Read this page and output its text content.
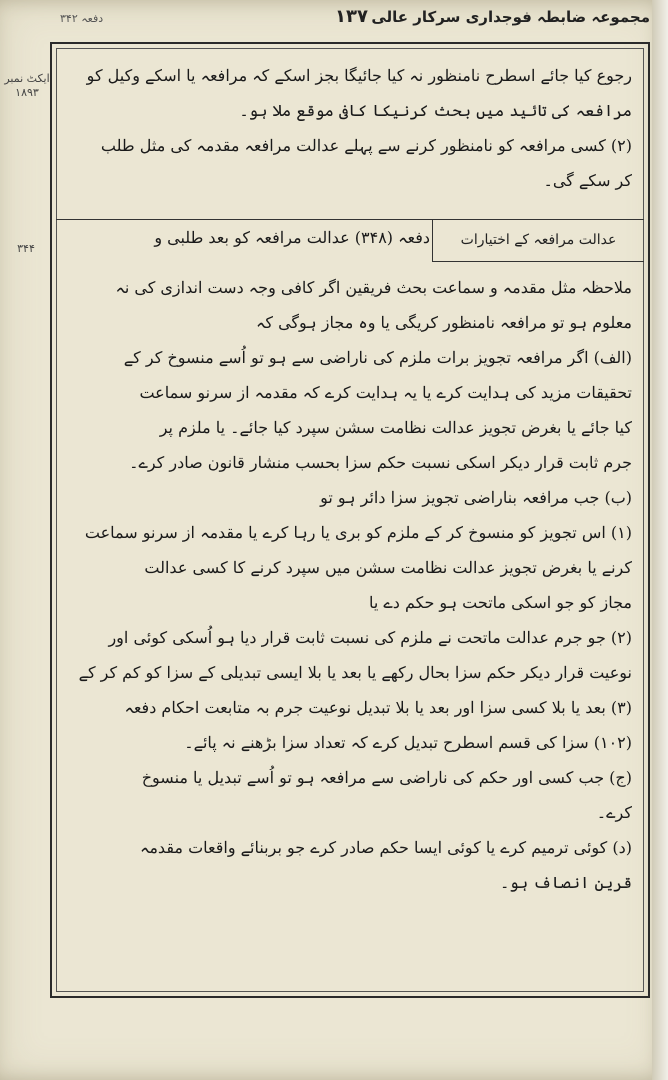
مجموعہ ضابطہ فوجداری سرکار عالی
۱۳۷
دفعہ ۳۴۲
ایکٹ نمبر ۱۸۹۳
۳۴۴
رجوع کیا جائے اسطرح نامنظور نہ کیا جائیگا بجز اسکے کہ مرافعہ یا اسکے وکیل کو
مرافعہ کی تائید میں بحث کرنیکا کافی موقع ملا ہو۔
(۲) کسی مرافعہ کو نامنظور کرنے سے پہلے عدالت مرافعہ مقدمہ کی مثل طلب
کر سکے گی۔
عدالت مرافعہ کے اختیارات
دفعہ (۳۴۸) عدالت مرافعہ کو بعد طلبی و
ملاحظہ مثل مقدمہ و سماعت بحث فریقین اگر کافی وجہ دست اندازی کی نہ
معلوم ہو تو مرافعہ نامنظور کریگی یا وہ مجاز ہوگی کہ
(الف) اگر مرافعہ تجویز برات ملزم کی ناراضی سے ہو تو اُسے منسوخ کر کے
تحقیقات مزید کی ہدایت کرے یا یہ ہدایت کرے کہ مقدمہ از سرنو سماعت
کیا جائے یا بغرض تجویز عدالت نظامت سشن سپرد کیا جائے۔ یا ملزم پر
جرم ثابت قرار دیکر اسکی نسبت حکم سزا بحسب منشار قانون صادر کرے۔
(ب) جب مرافعہ بناراضی تجویز سزا دائر ہو تو
(۱) اس تجویز کو منسوخ کر کے ملزم کو بری یا رہا کرے یا مقدمہ از سرنو سماعت
کرنے یا بغرض تجویز عدالت نظامت سشن میں سپرد کرنے کا کسی عدالت
مجاز کو جو اسکی ماتحت ہو حکم دے یا
(۲) جو جرم عدالت ماتحت نے ملزم کی نسبت ثابت قرار دیا ہو اُسکی کوئی اور
نوعیت قرار دیکر حکم سزا بحال رکھے یا بعد یا بلا ایسی تبدیلی کے سزا کو کم کر کے
(۳) بعد یا بلا کسی سزا اور بعد یا بلا تبدیل نوعیت جرم بہ متابعت احکام دفعہ
(۱۰۲) سزا کی قسم اسطرح تبدیل کرے کہ تعداد سزا بڑھنے نہ پائے۔
(ج) جب کسی اور حکم کی ناراضی سے مرافعہ ہو تو اُسے تبدیل یا منسوخ
کرے۔
(د) کوئی ترمیم کرے یا کوئی ایسا حکم صادر کرے جو بربنائے واقعات مقدمہ
قرین انصاف ہو۔
